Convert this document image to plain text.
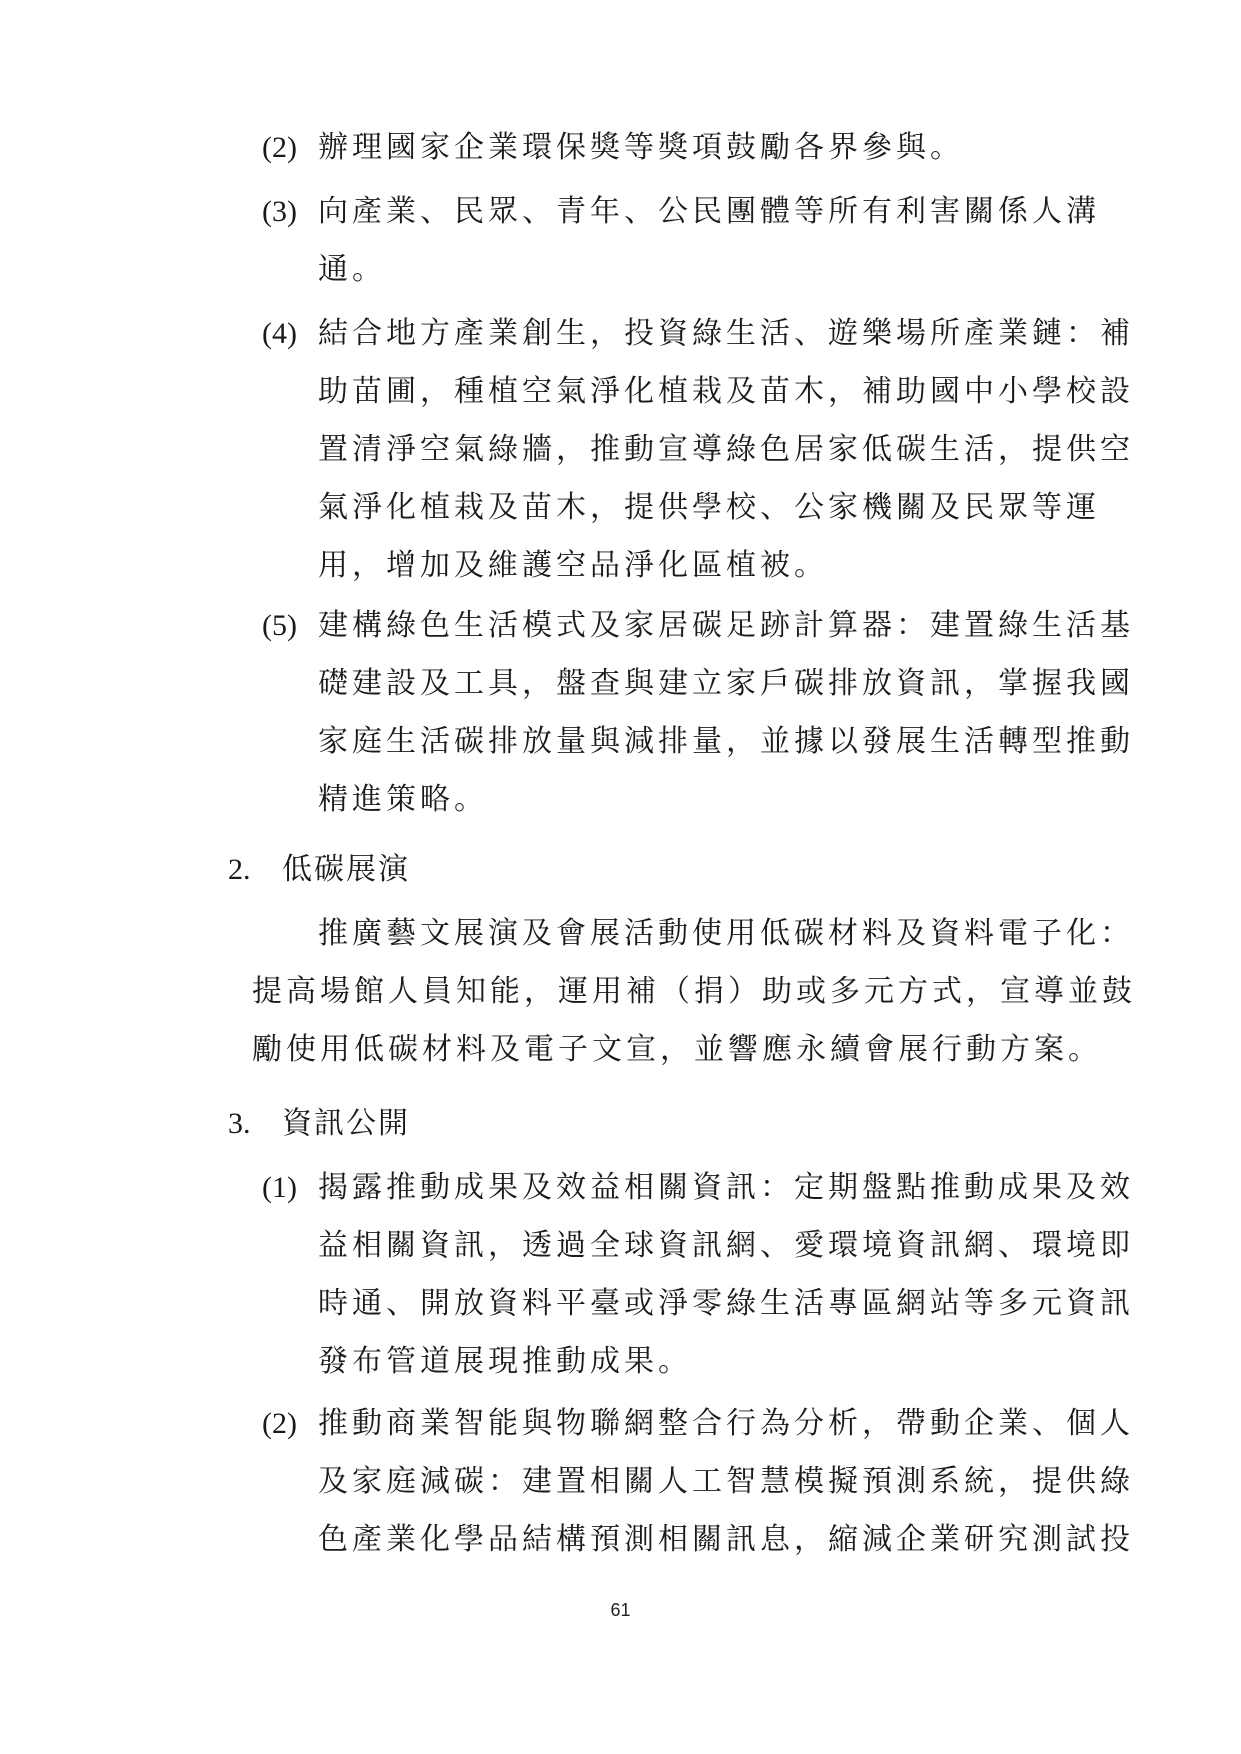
(2) 辦理國家企業環保獎等獎項鼓勵各界參與。
(3) 向產業、民眾、青年、公民團體等所有利害關係人溝
通。
(4) 結合地方產業創生，投資綠生活、遊樂場所產業鏈：補
助苗圃，種植空氣淨化植栽及苗木，補助國中小學校設
置清淨空氣綠牆，推動宣導綠色居家低碳生活，提供空
氣淨化植栽及苗木，提供學校、公家機關及民眾等運
用，增加及維護空品淨化區植被。
(5) 建構綠色生活模式及家居碳足跡計算器：建置綠生活基
礎建設及工具，盤查與建立家戶碳排放資訊，掌握我國
家庭生活碳排放量與減排量，並據以發展生活轉型推動
精進策略。
2. 低碳展演
推廣藝文展演及會展活動使用低碳材料及資料電子化：
提高場館人員知能，運用補（捐）助或多元方式，宣導並鼓
勵使用低碳材料及電子文宣，並響應永續會展行動方案。
3. 資訊公開
(1) 揭露推動成果及效益相關資訊：定期盤點推動成果及效
益相關資訊，透過全球資訊網、愛環境資訊網、環境即
時通、開放資料平臺或淨零綠生活專區網站等多元資訊
發布管道展現推動成果。
(2) 推動商業智能與物聯網整合行為分析，帶動企業、個人
及家庭減碳：建置相關人工智慧模擬預測系統，提供綠
色產業化學品結構預測相關訊息，縮減企業研究測試投
61
